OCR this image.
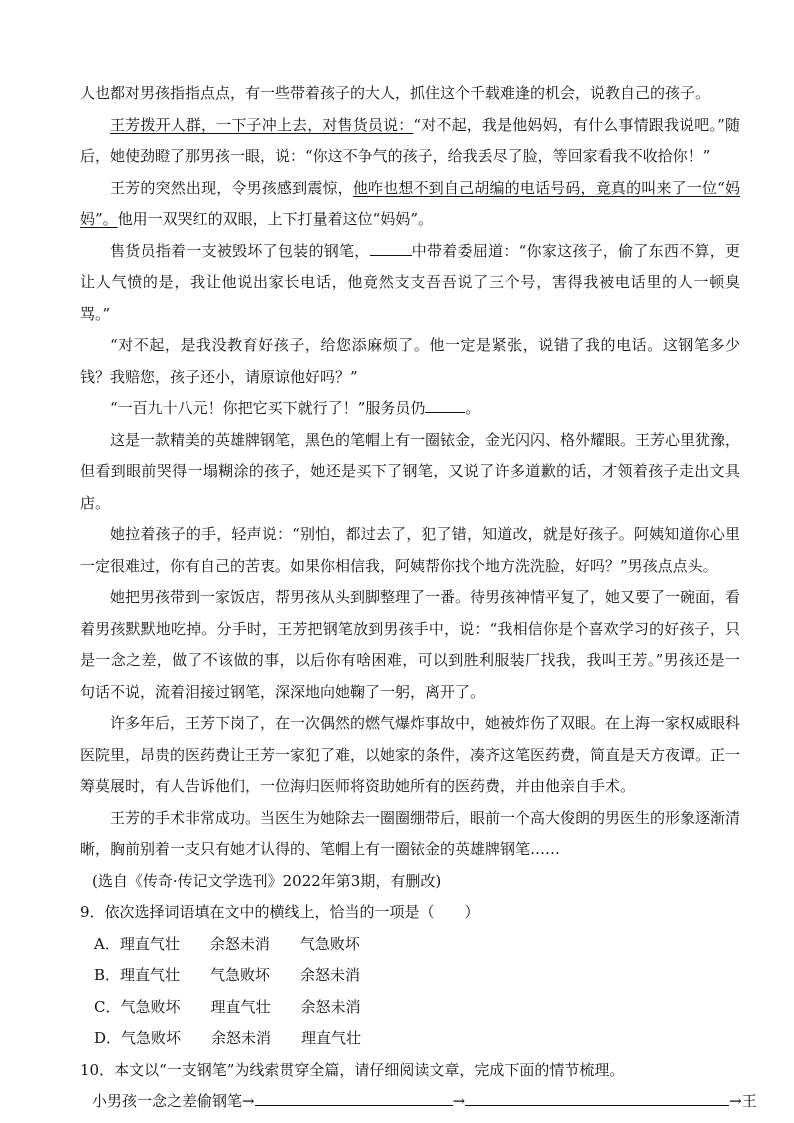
人也都对男孩指指点点，有一些带着孩子的大人，抓住这个千载难逢的机会，说教自己的孩子。

王芳拨开人群，一下子冲上去，对售货员说：“对不起，我是他妈妈，有什么事情跟我说吧。”随后，她使劲瞪了那男孩一眼，说：“你这不争气的孩子，给我丢尽了脸，等回家看我不收拾你！”

王芳的突然出现，令男孩感到震惊，他咋也想不到自己胡编的电话号码，竟真的叫来了一位“妈妈”。他用一双哭红的双眼，上下打量着这位“妈妈”。

售货员指着一支被毁坏了包装的钢笔，	中带着委屈道：“你家这孩子，偷了东西不算，更让人气愤的是，我让他说出家长电话，他竟然支支吾吾说了三个号，害得我被电话里的人一顿臭骂。”

“对不起，是我没教育好孩子，给您添麻烦了。他一定是紧张，说错了我的电话。这钢笔多少钱？我赔您，孩子还小，请原谅他好吗？”

“一百九十八元！你把它买下就行了！”服务员仍	。

这是一款精美的英雄牌钢笔，黑色的笔帽上有一圈铱金，金光闪闪、格外耀眼。王芳心里犹豫，但看到眼前哭得一塌糊涂的孩子，她还是买下了钢笔，又说了许多道歉的话，才领着孩子走出文具店。

她拉着孩子的手，轻声说：“别怕，都过去了，犯了错，知道改，就是好孩子。阿姨知道你心里一定很难过，你有自己的苦衷。如果你相信我，阿姨帮你找个地方洗洗脸，好吗？”男孩点点头。

她把男孩带到一家饭店，帮男孩从头到脚整理了一番。待男孩神情平复了，她又要了一碗面，看着男孩默默地吃掉。分手时，王芳把钢笔放到男孩手中，说：“我相信你是个喜欢学习的好孩子，只是一念之差，做了不该做的事，以后你有啥困难，可以到胜利服装厂找我，我叫王芳。”男孩还是一句话不说，流着泪接过钢笔，深深地向她鞠了一躬，离开了。

许多年后，王芳下岗了，在一次偶然的燃气爆炸事故中，她被炸伤了双眼。在上海一家权威眼科医院里，昂贵的医药费让王芳一家犯了难，以她家的条件，凑齐这笔医药费，简直是天方夜谭。正一筹莫展时，有人告诉他们，一位海归医师将资助她所有的医药费，并由他亲自手术。

王芳的手术非常成功。当医生为她除去一圈圈绷带后，眼前一个高大俊朗的男医生的形象逐渐清晰，胸前别着一支只有她才认得的、笔帽上有一圈铱金的英雄牌钢笔……

(选自《传奇·传记文学选刊》2022年第3期，有删改)

9．依次选择词语填在文中的横线上，恰当的一项是（　　）

A．理直气壮　　余怒未消　　气急败坏

B．理直气壮　　气急败坏　　余怒未消

C．气急败坏　　理直气壮　　余怒未消

D．气急败坏　　余怒未消　　理直气壮

10．本文以“一支钢笔”为线索贯穿全篇，请仔细阅读文章，完成下面的情节梳理。

小男孩一念之差偷钢笔→	→	→王
